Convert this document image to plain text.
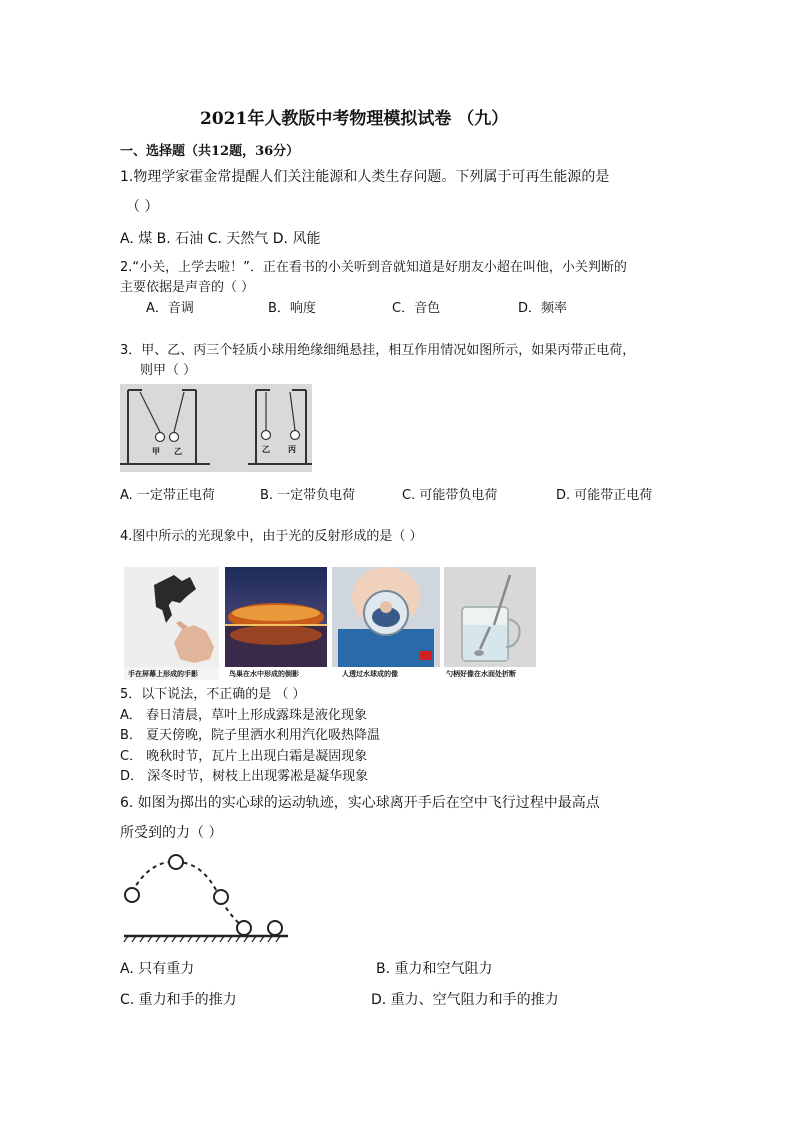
2021年人教版中考物理模拟试卷 （九）
一、选择题（共12题，36分）
1.物理学家霍金常提醒人们关注能源和人类生存问题。下列属于可再生能源的是
（ ）
A. 煤 B. 石油 C. 天然气 D. 风能
2.“小关，上学去啦！”．正在看书的小关听到音就知道是好朋友小超在叫他，小关判断的
主要依据是声音的（ ）
A．音调	B．响度	C．音色	D．频率
3．甲、乙、丙三个轻质小球用绝缘细绳悬挂，相互作用情况如图所示，如果丙带正电荷，
则甲（ ）
甲 乙	乙 丙
A. 一定带正电荷	B. 一定带负电荷	C. 可能带负电荷	D. 可能带正电荷
4.图中所示的光现象中，由于光的反射形成的是（ ）
手在屏幕上形成的手影	鸟巢在水中形成的倒影	人透过水球成的像	勺柄好像在水面处折断
5．以下说法，不正确的是 （ ）
A． 春日清晨，草叶上形成露珠是液化现象
B． 夏天傍晚，院子里洒水利用汽化吸热降温
C． 晚秋时节，瓦片上出现白霜是凝固现象
D． 深冬时节，树枝上出现雾凇是凝华现象
6. 如图为掷出的实心球的运动轨迹，实心球离开手后在空中飞行过程中最高点
所受到的力（ ）
A. 只有重力	B. 重力和空气阻力
C. 重力和手的推力	D. 重力、空气阻力和手的推力
